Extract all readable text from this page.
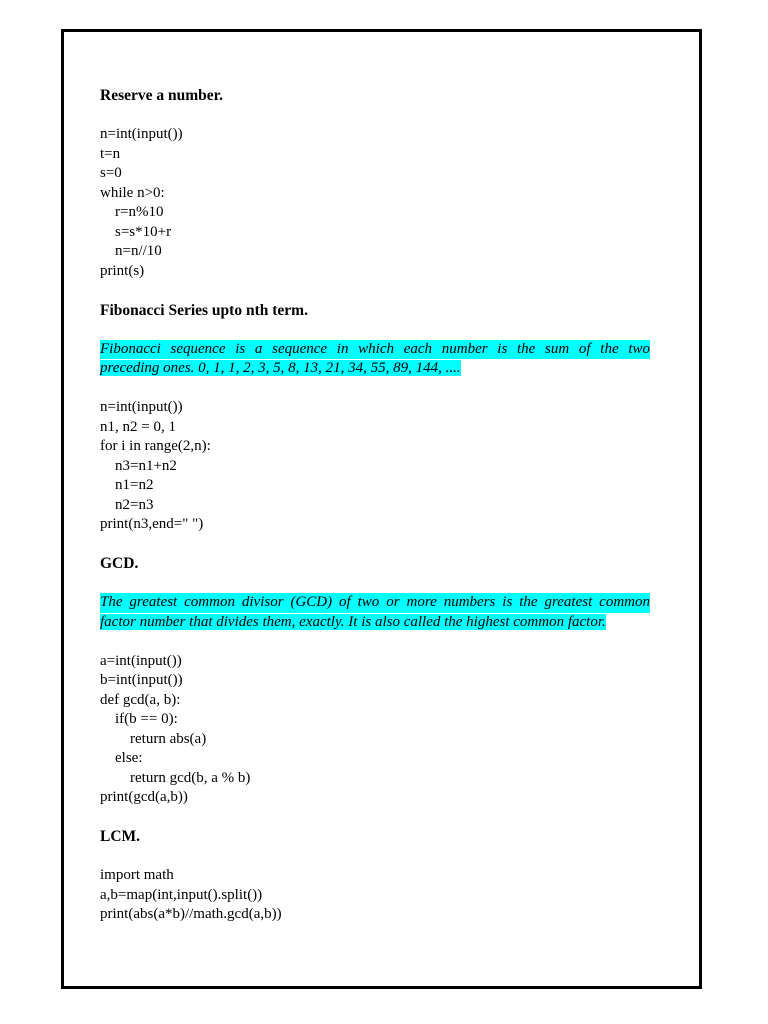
Reserve a number.
n=int(input())
t=n
s=0
while n>0:
r=n%10
s=s*10+r
n=n//10
print(s)
Fibonacci Series upto nth term.
Fibonacci sequence is a sequence in which each number is the sum of the two
preceding ones. 0, 1, 1, 2, 3, 5, 8, 13, 21, 34, 55, 89, 144, ....
n=int(input())
n1, n2 = 0, 1
for i in range(2,n):
n3=n1+n2
n1=n2
n2=n3
print(n3,end=" ")
GCD.
The greatest common divisor (GCD) of two or more numbers is the greatest common
factor number that divides them, exactly. It is also called the highest common factor.
a=int(input())
b=int(input())
def gcd(a, b):
if(b == 0):
return abs(a)
else:
return gcd(b, a % b)
print(gcd(a,b))
LCM.
import math
a,b=map(int,input().split())
print(abs(a*b)//math.gcd(a,b))
